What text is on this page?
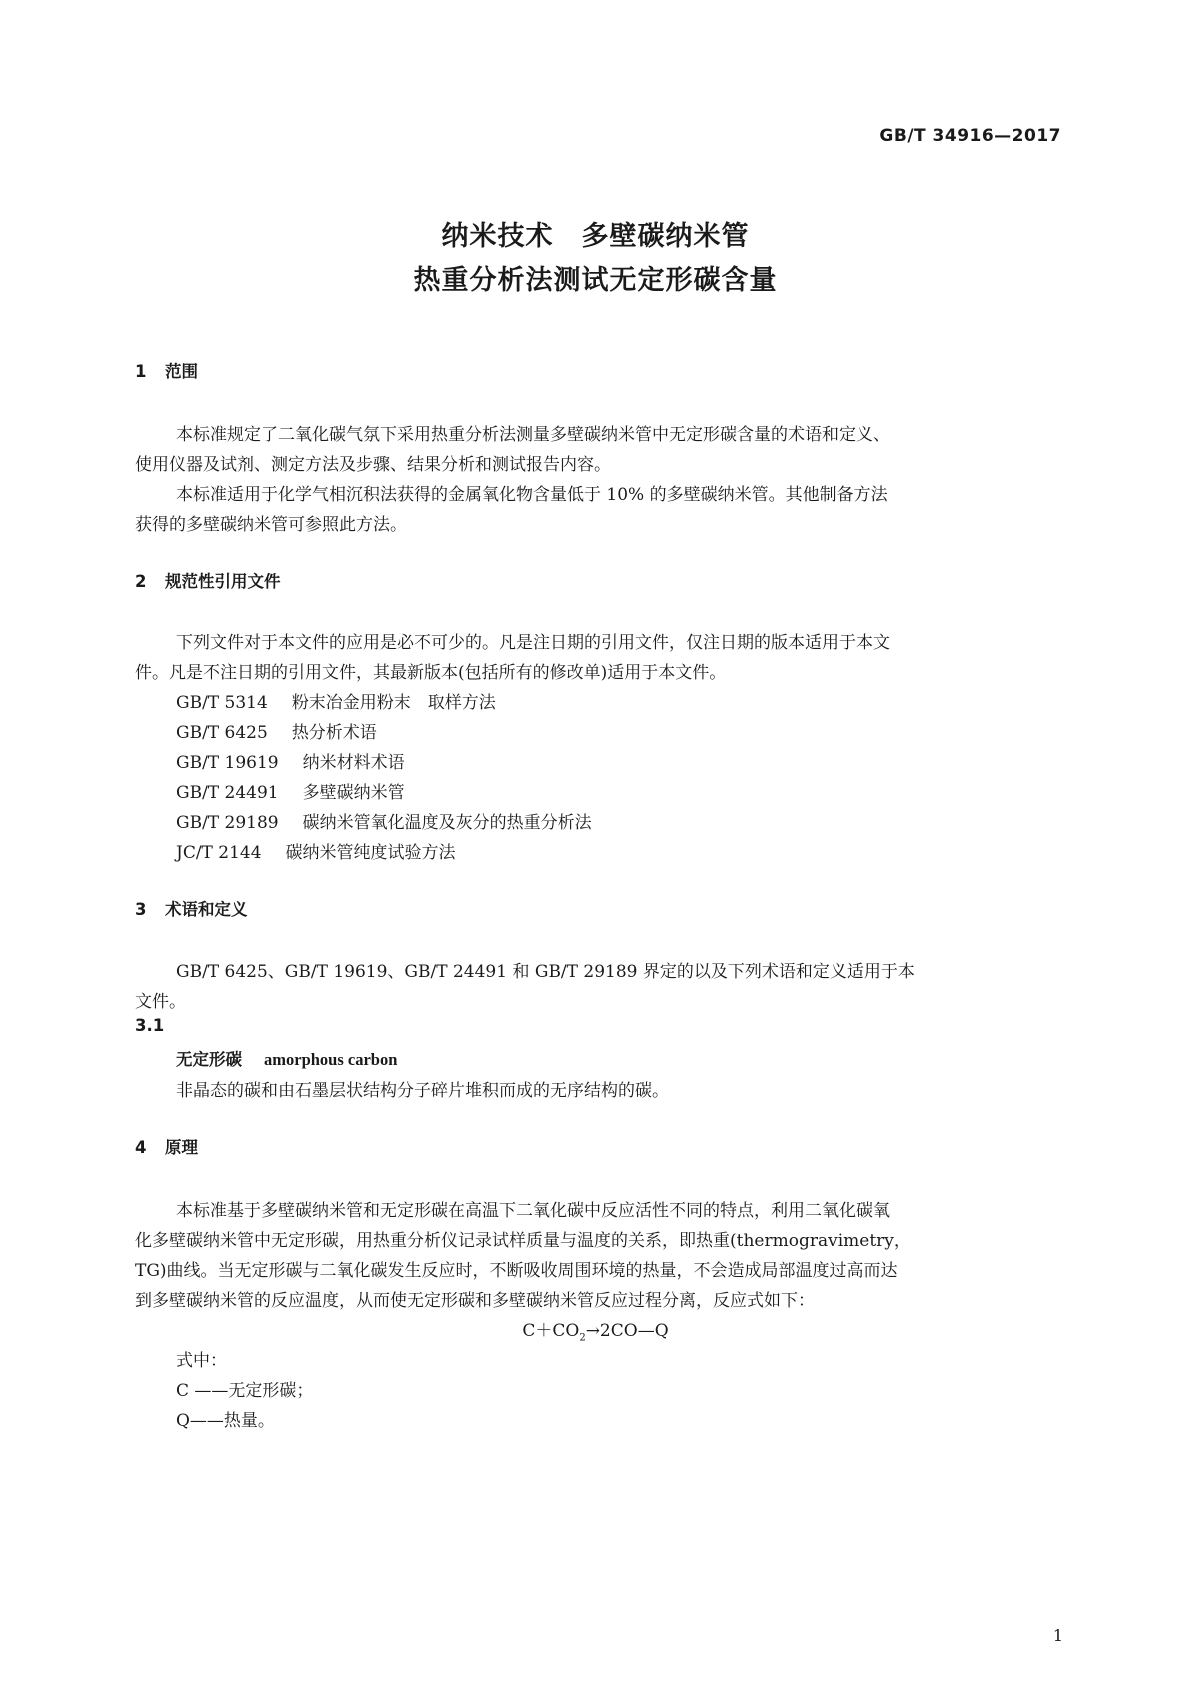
GB/T 34916—2017
纳米技术　多壁碳纳米管
热重分析法测试无定形碳含量
1 范围
本标准规定了二氧化碳气氛下采用热重分析法测量多壁碳纳米管中无定形碳含量的术语和定义、
使用仪器及试剂、测定方法及步骤、结果分析和测试报告内容。
本标准适用于化学气相沉积法获得的金属氧化物含量低于 10% 的多壁碳纳米管。其他制备方法
获得的多壁碳纳米管可参照此方法。
2 规范性引用文件
下列文件对于本文件的应用是必不可少的。凡是注日期的引用文件，仅注日期的版本适用于本文
件。凡是不注日期的引用文件，其最新版本(包括所有的修改单)适用于本文件。
GB/T 5314 粉末冶金用粉末　取样方法
GB/T 6425 热分析术语
GB/T 19619 纳米材料术语
GB/T 24491 多壁碳纳米管
GB/T 29189 碳纳米管氧化温度及灰分的热重分析法
JC/T 2144 碳纳米管纯度试验方法
3 术语和定义
GB/T 6425、GB/T 19619、GB/T 24491 和 GB/T 29189 界定的以及下列术语和定义适用于本
文件。
3.1
无定形碳 amorphous carbon
非晶态的碳和由石墨层状结构分子碎片堆积而成的无序结构的碳。
4 原理
本标准基于多壁碳纳米管和无定形碳在高温下二氧化碳中反应活性不同的特点，利用二氧化碳氧
化多壁碳纳米管中无定形碳，用热重分析仪记录试样质量与温度的关系，即热重(thermogravimetry，
TG)曲线。当无定形碳与二氧化碳发生反应时，不断吸收周围环境的热量，不会造成局部温度过高而达
到多壁碳纳米管的反应温度，从而使无定形碳和多壁碳纳米管反应过程分离，反应式如下：
$C+CO_2\to 2CO—Q$
式中：
C ——无定形碳；
Q——热量。
1
